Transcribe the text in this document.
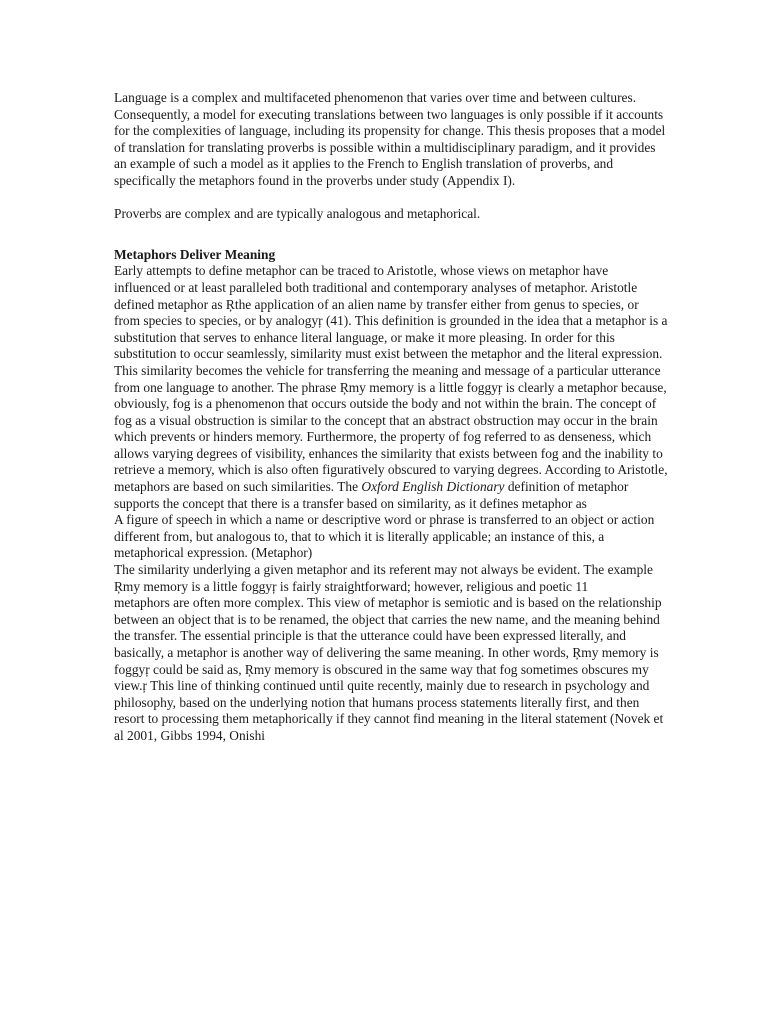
Language is a complex and multifaceted phenomenon that varies over time and between cultures. Consequently, a model for executing translations between two languages is only possible if it accounts for the complexities of language, including its propensity for change. This thesis proposes that a model of translation for translating proverbs is possible within a multidisciplinary paradigm, and it provides an example of such a model as it applies to the French to English translation of proverbs, and specifically the metaphors found in the proverbs under study (Appendix I).

Proverbs are complex and are typically analogous and metaphorical.

Metaphors Deliver Meaning

Early attempts to define metaphor can be traced to Aristotle, whose views on metaphor have influenced or at least paralleled both traditional and contemporary analyses of metaphor. Aristotle defined metaphor as Ŗthe application of an alien name by transfer either from genus to species, or from species to species, or by analogyŗ (41). This definition is grounded in the idea that a metaphor is a substitution that serves to enhance literal language, or make it more pleasing. In order for this substitution to occur seamlessly, similarity must exist between the metaphor and the literal expression. This similarity becomes the vehicle for transferring the meaning and message of a particular utterance from one language to another. The phrase Ŗmy memory is a little foggyŗ is clearly a metaphor because, obviously, fog is a phenomenon that occurs outside the body and not within the brain. The concept of fog as a visual obstruction is similar to the concept that an abstract obstruction may occur in the brain which prevents or hinders memory. Furthermore, the property of fog referred to as denseness, which allows varying degrees of visibility, enhances the similarity that exists between fog and the inability to retrieve a memory, which is also often figuratively obscured to varying degrees. According to Aristotle, metaphors are based on such similarities. The Oxford English Dictionary definition of metaphor supports the concept that there is a transfer based on similarity, as it defines metaphor as

A figure of speech in which a name or descriptive word or phrase is transferred to an object or action different from, but analogous to, that to which it is literally applicable; an instance of this, a metaphorical expression. (Metaphor)

The similarity underlying a given metaphor and its referent may not always be evident. The example Ŗmy memory is a little foggyŗ is fairly straightforward; however, religious and poetic 11

metaphors are often more complex. This view of metaphor is semiotic and is based on the relationship between an object that is to be renamed, the object that carries the new name, and the meaning behind the transfer. The essential principle is that the utterance could have been expressed literally, and basically, a metaphor is another way of delivering the same meaning. In other words, Ŗmy memory is foggyŗ could be said as, Ŗmy memory is obscured in the same way that fog sometimes obscures my view.ŗ This line of thinking continued until quite recently, mainly due to research in psychology and philosophy, based on the underlying notion that humans process statements literally first, and then resort to processing them metaphorically if they cannot find meaning in the literal statement (Novek et al 2001, Gibbs 1994, Onishi
